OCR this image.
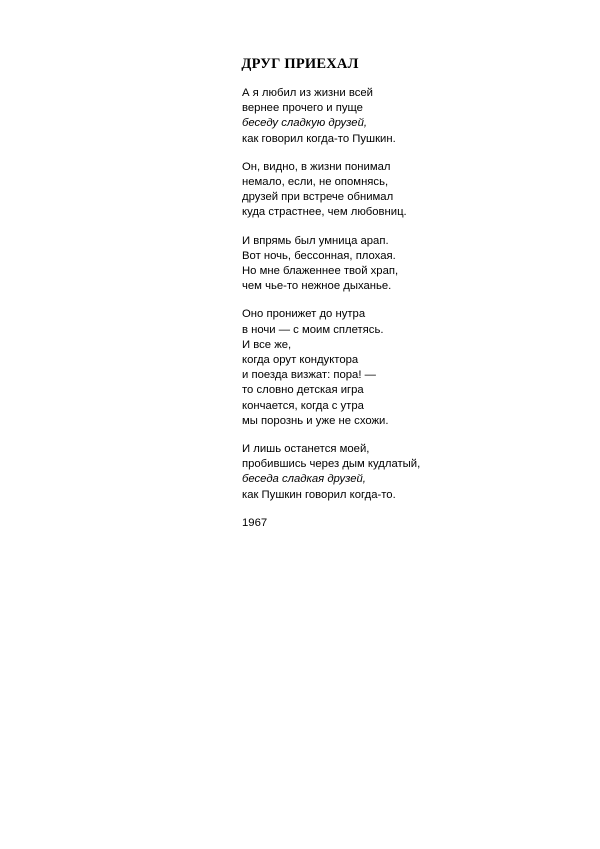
ДРУГ ПРИЕХАЛ
А я любил из жизни всей
вернее прочего и пуще
беседу сладкую друзей,
как говорил когда-то Пушкин.
Он, видно, в жизни понимал
немало, если, не опомнясь,
друзей при встрече обнимал
куда страстнее, чем любовниц.
И впрямь был умница арап.
Вот ночь, бессонная, плохая.
Но мне блаженнее твой храп,
чем чье-то нежное дыханье.
Оно пронижет до нутра
в ночи — с моим сплетясь.
И все же,
когда орут кондуктора
и поезда визжат: пора! —
то словно детская игра
кончается, когда с утра
мы порознь и уже не схожи.
И лишь останется моей,
пробившись через дым кудлатый,
беседа сладкая друзей,
как Пушкин говорил когда-то.
1967
